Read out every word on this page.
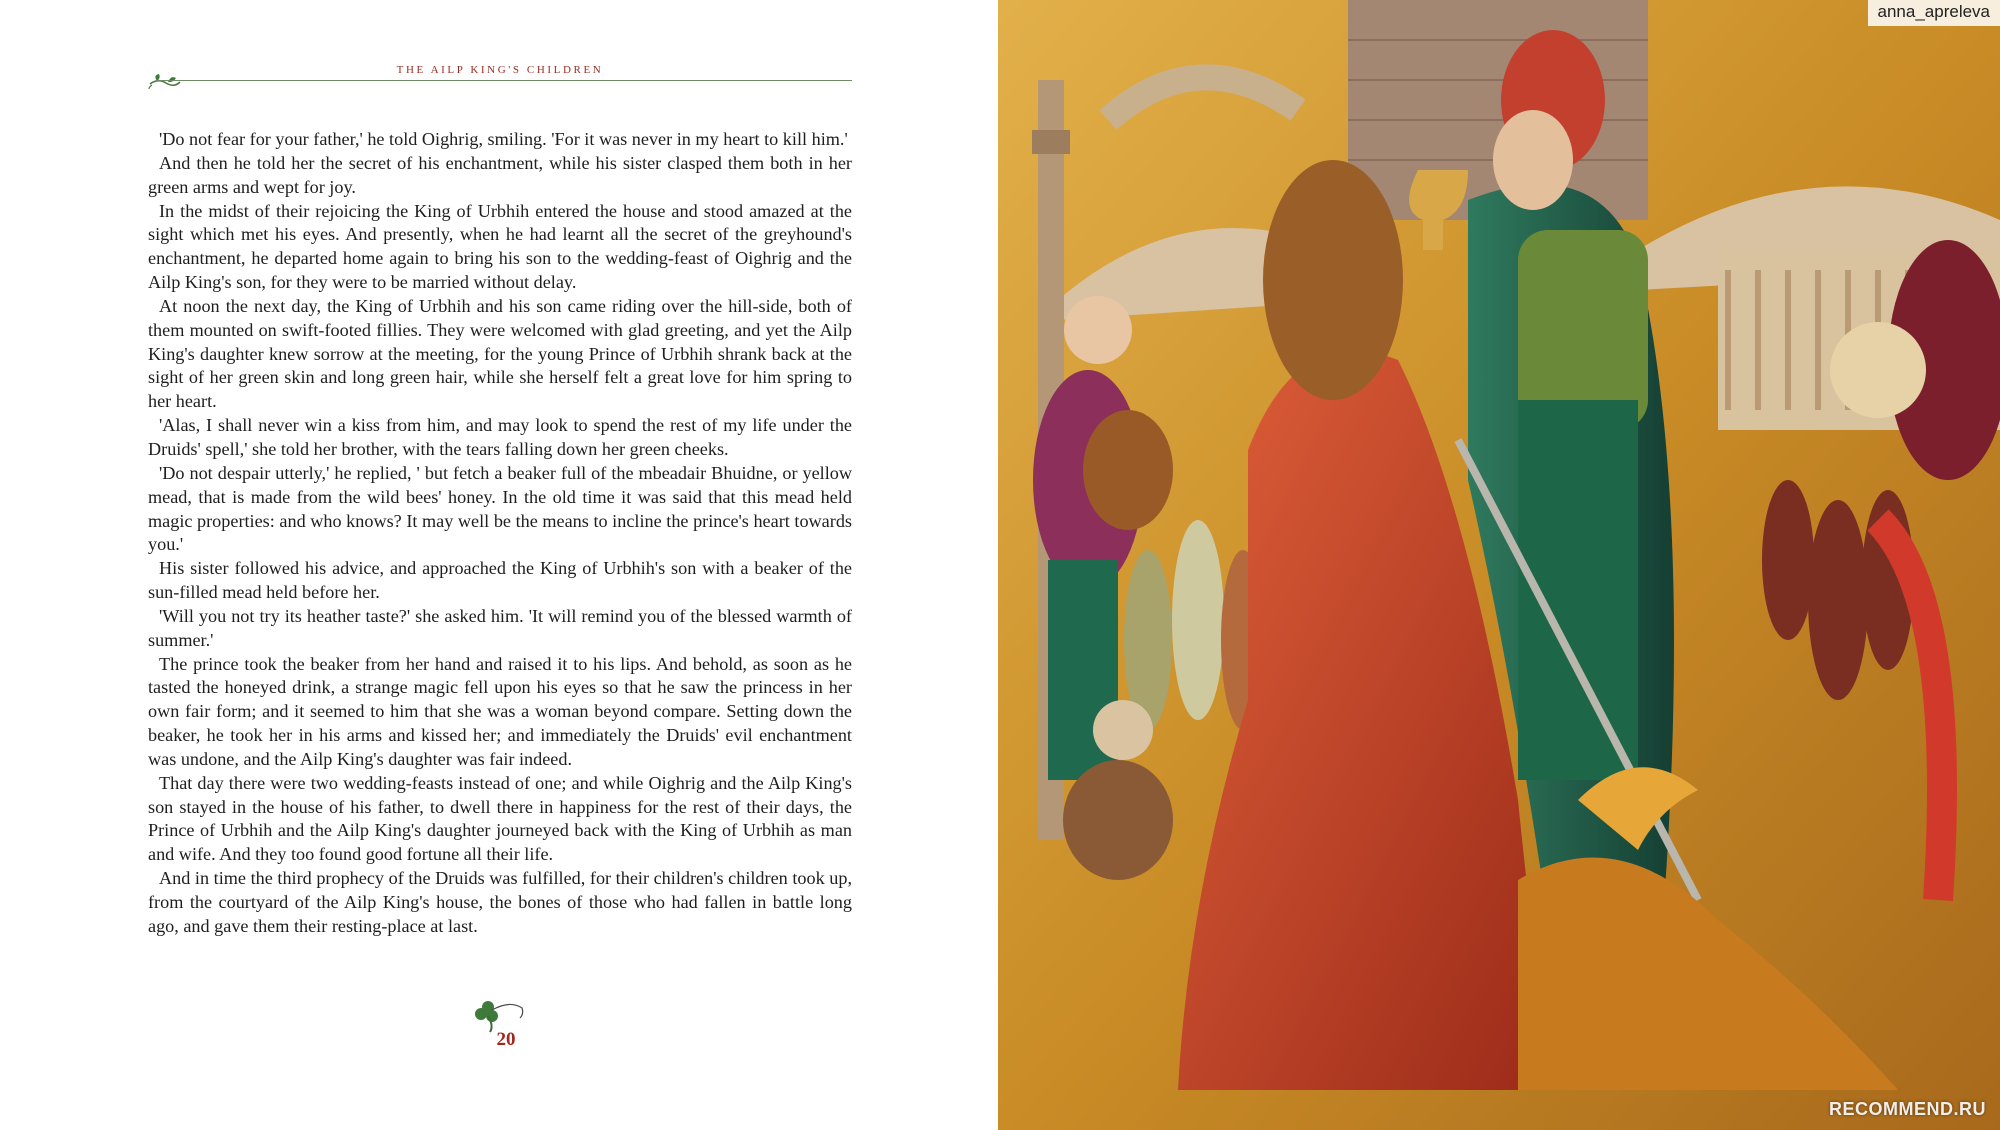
THE AILP KING'S CHILDREN

'Do not fear for your father,' he told Oighrig, smiling. 'For it was never in my heart to kill him.'

And then he told her the secret of his enchantment, while his sister clasped them both in her green arms and wept for joy.

In the midst of their rejoicing the King of Urbhih entered the house and stood amazed at the sight which met his eyes. And presently, when he had learnt all the secret of the greyhound's enchantment, he departed home again to bring his son to the wedding-feast of Oighrig and the Ailp King's son, for they were to be married without delay.

At noon the next day, the King of Urbhih and his son came riding over the hill-side, both of them mounted on swift-footed fillies. They were welcomed with glad greeting, and yet the Ailp King's daughter knew sorrow at the meeting, for the young Prince of Urbhih shrank back at the sight of her green skin and long green hair, while she herself felt a great love for him spring to her heart.

'Alas, I shall never win a kiss from him, and may look to spend the rest of my life under the Druids' spell,' she told her brother, with the tears falling down her green cheeks.

'Do not despair utterly,' he replied, ' but fetch a beaker full of the mbeadair Bhuidne, or yellow mead, that is made from the wild bees' honey. In the old time it was said that this mead held magic properties: and who knows? It may well be the means to incline the prince's heart towards you.'

His sister followed his advice, and approached the King of Urbhih's son with a beaker of the sun-filled mead held before her.

'Will you not try its heather taste?' she asked him. 'It will remind you of the blessed warmth of summer.'

The prince took the beaker from her hand and raised it to his lips. And behold, as soon as he tasted the honeyed drink, a strange magic fell upon his eyes so that he saw the princess in her own fair form; and it seemed to him that she was a woman beyond compare. Setting down the beaker, he took her in his arms and kissed her; and immediately the Druids' evil enchantment was undone, and the Ailp King's daughter was fair indeed.

That day there were two wedding-feasts instead of one; and while Oighrig and the Ailp King's son stayed in the house of his father, to dwell there in happiness for the rest of their days, the Prince of Urbhih and the Ailp King's daughter journeyed back with the King of Urbhih as man and wife. And they too found good fortune all their life.

And in time the third prophecy of the Druids was fulfilled, for their children's children took up, from the courtyard of the Ailp King's house, the bones of those who had fallen in battle long ago, and gave them their resting-place at last.

20
anna_apreleva
RECOMMEND.RU
